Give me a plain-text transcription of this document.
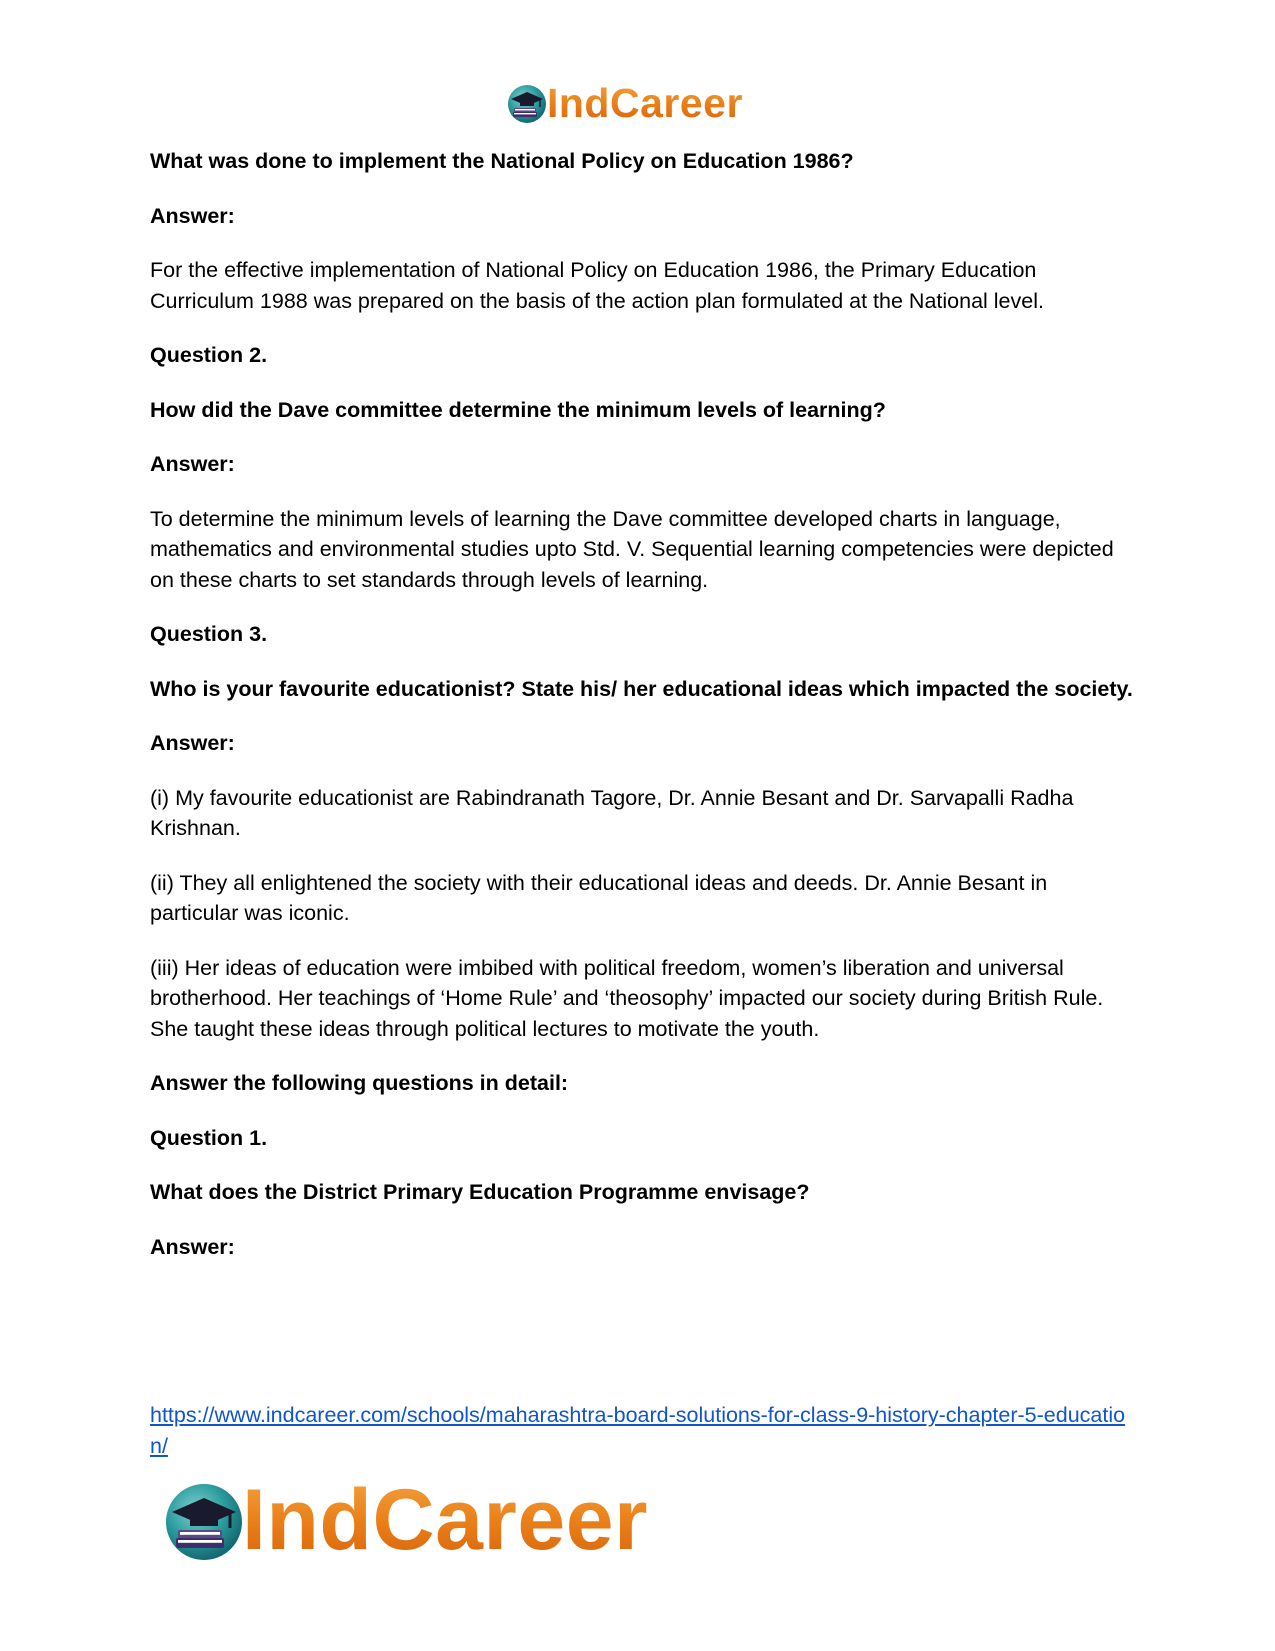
IndCareer

What was done to implement the National Policy on Education 1986?

Answer:

For the effective implementation of National Policy on Education 1986, the Primary Education Curriculum 1988 was prepared on the basis of the action plan formulated at the National level.

Question 2.

How did the Dave committee determine the minimum levels of learning?

Answer:

To determine the minimum levels of learning the Dave committee developed charts in language, mathematics and environmental studies upto Std. V. Sequential learning competencies were depicted on these charts to set standards through levels of learning.

Question 3.

Who is your favourite educationist? State his/ her educational ideas which impacted the society.

Answer:

(i) My favourite educationist are Rabindranath Tagore, Dr. Annie Besant and Dr. Sarvapalli Radha Krishnan.

(ii) They all enlightened the society with their educational ideas and deeds. Dr. Annie Besant in particular was iconic.

(iii) Her ideas of education were imbibed with political freedom, women’s liberation and universal brotherhood. Her teachings of ‘Home Rule’ and ‘theosophy’ impacted our society during British Rule. She taught these ideas through political lectures to motivate the youth.

Answer the following questions in detail:

Question 1.

What does the District Primary Education Programme envisage?

Answer:

https://www.indcareer.com/schools/maharashtra-board-solutions-for-class-9-history-chapter-5-education/
IndCareer
